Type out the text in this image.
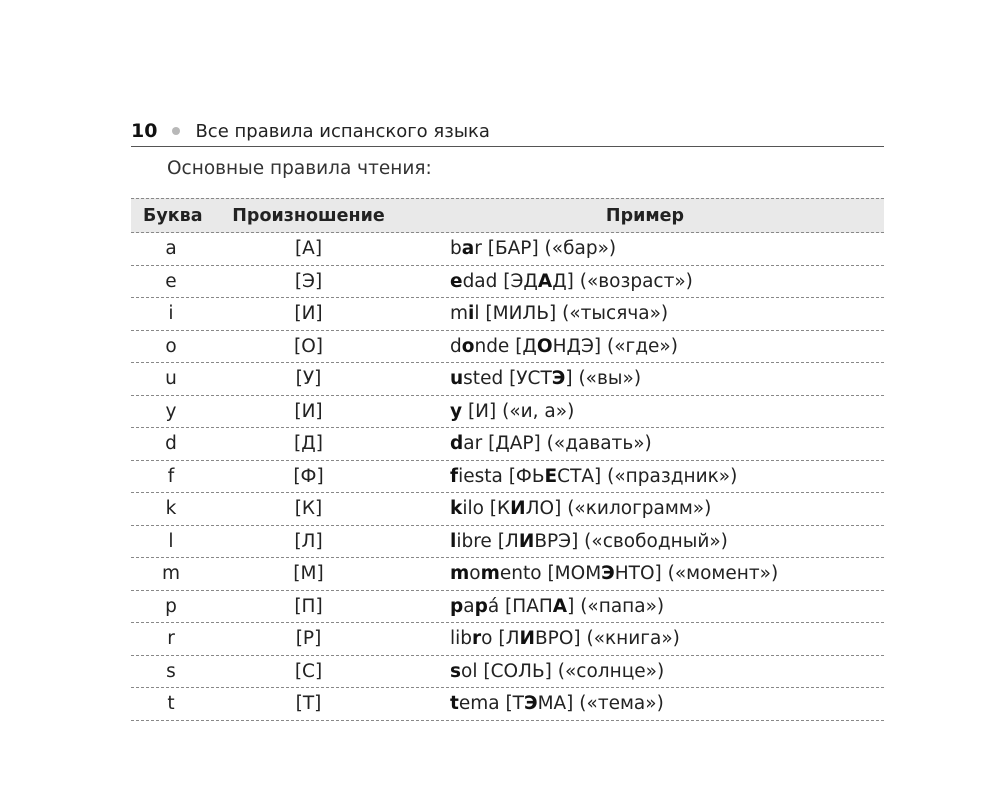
10 Все правила испанского языка
Основные правила чтения:
Буква	Произношение	Пример
a	[А]	bar [БАР] («бар»)
e	[Э]	edad [ЭДАД] («возраст»)
i	[И]	mil [МИЛЬ] («тысяча»)
o	[О]	donde [ДОНДЭ] («где»)
u	[У]	usted [УСТЭ] («вы»)
y	[И]	y [И] («и, а»)
d	[Д]	dar [ДАР] («давать»)
f	[Ф]	fiesta [ФЬЕСТА] («праздник»)
k	[К]	kilo [КИЛО] («килограмм»)
l	[Л]	libre [ЛИВРЭ] («свободный»)
m	[М]	momento [МОМЭНТО] («момент»)
p	[П]	papá [ПАПА] («папа»)
r	[Р]	libro [ЛИВРО] («книга»)
s	[С]	sol [СОЛЬ] («солнце»)
t	[Т]	tema [ТЭМА] («тема»)
